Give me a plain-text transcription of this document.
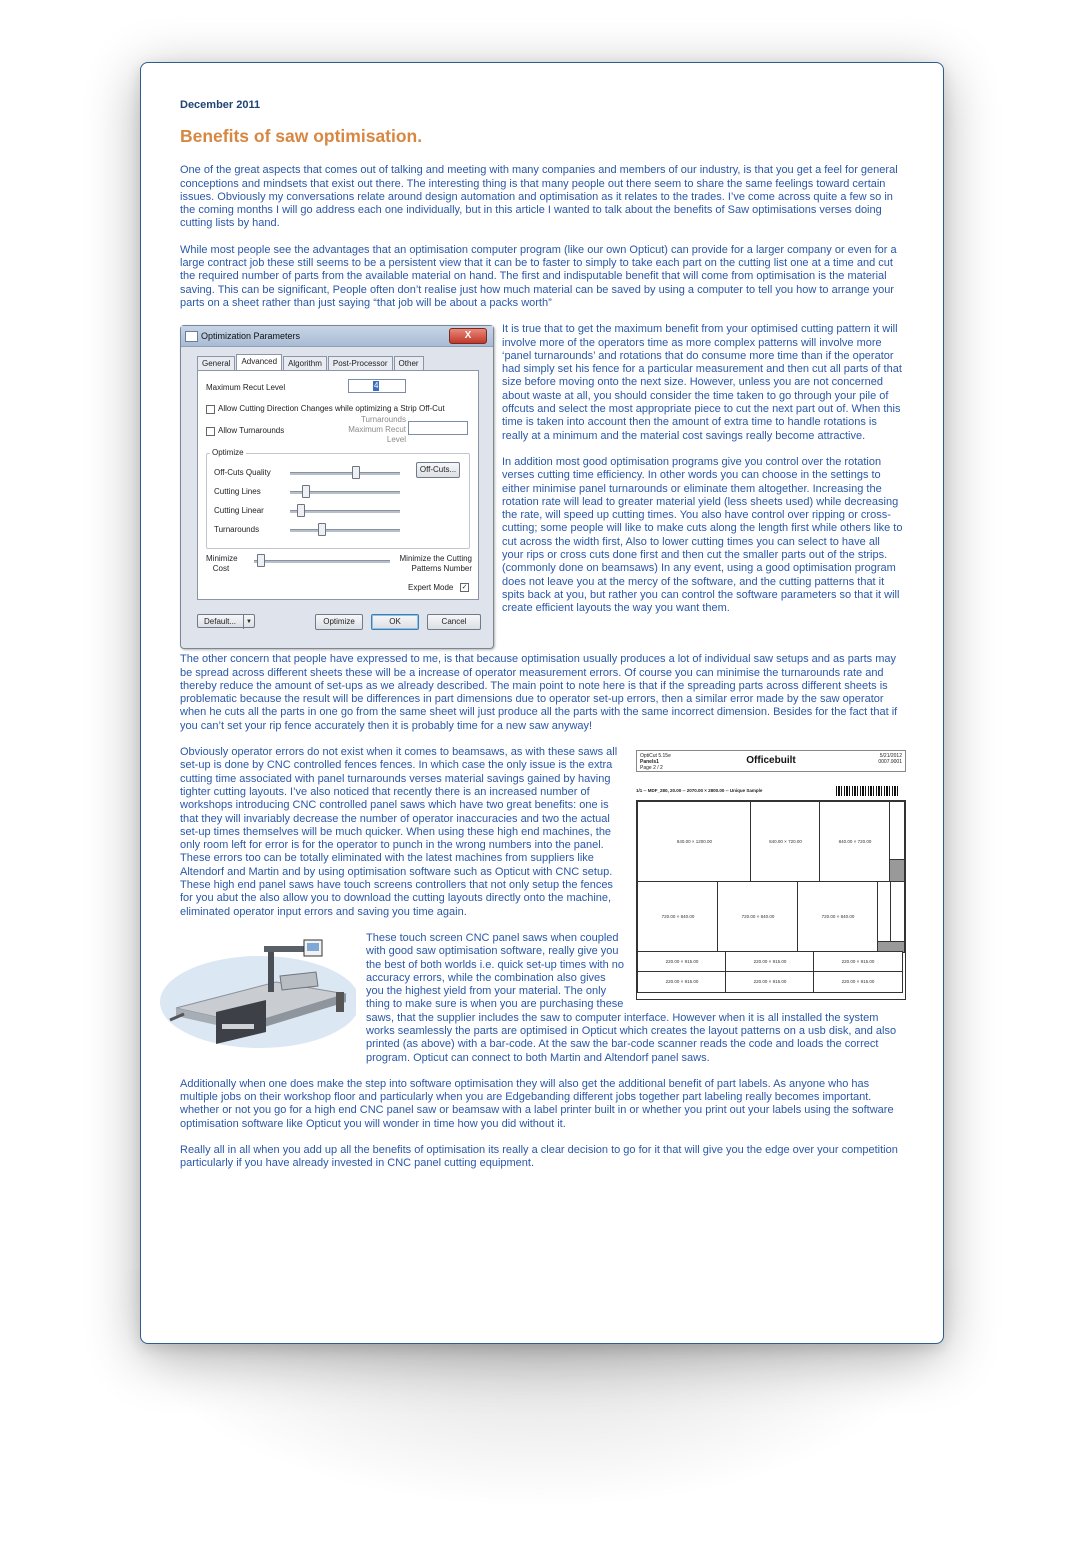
December 2011
Benefits of saw optimisation.

One of the great aspects that comes out of talking and meeting with many companies and members of our industry, is that you get a feel for general conceptions and mindsets that exist out there. The interesting thing is that many people out there seem to share the same feelings toward certain issues. Obviously my conversations relate around design automation and optimisation as it relates to the trades. I’ve come across quite a few so in the coming months I will go address each one individually, but in this article I wanted to talk about the benefits of Saw optimisations verses doing cutting lists by hand.

While most people see the advantages that an optimisation computer program (like our own Opticut) can provide for a larger company or even for a large contract job these still seems to be a persistent view that it can be to faster to simply to take each part on the cutting list one at a time and cut the required number of parts from the available material on hand. The first and indisputable benefit that will come from optimisation is the material saving. This can be significant, People often don’t realise just how much material can be saved by using a computer to tell you how to arrange your parts on a sheet rather than just saying “that job will be about a packs worth”

Optimization Parameters	X
General	Advanced	Algorithm	Post-Processor	Other
Maximum Recut Level	4
Allow Cutting Direction Changes while optimizing a Strip Off-Cut
Allow Turnarounds
Turnarounds Maximum Recut Level
Optimize
Off-Cuts Quality	Off-Cuts...
Cutting Lines
Cutting Linear
Turnarounds
Minimize Cost
Minimize the Cutting Patterns Number
Expert Mode ✓
Default...	▼	Optimize	OK	Cancel

It is true that to get the maximum benefit from your optimised cutting pattern it will involve more of the operators time as more complex patterns will involve more ‘panel turnarounds’ and rotations that do consume more time than if the operator had simply set his fence for a particular measurement and then cut all parts of that size before moving onto the next size. However, unless you are not concerned about waste at all, you should consider the time taken to go through your pile of offcuts and select the most appropriate piece to cut the next part out of. When this time is taken into account then the amount of extra time to handle rotations is really at a minimum and the material cost savings really become attractive.

In addition most good optimisation programs give you control over the rotation verses cutting time efficiency. In other words you can choose in the settings to either minimise panel turnarounds or eliminate them altogether. Increasing the rotation rate will lead to greater material yield (less sheets used) while decreasing the rate, will speed up cutting times. You also have control over ripping or cross-cutting; some people will like to make cuts along the length first while others like to cut across the width first, Also to lower cutting times you can select to have all your rips or cross cuts done first and then cut the smaller parts out of the strips. (commonly done on beamsaws) In any event, using a good optimisation program does not leave you at the mercy of the software, and the cutting patterns that it spits back at you, but rather you can control the software parameters so that it will create efficient layouts the way you want them.

The other concern that people have expressed to me, is that because optimisation usually produces a lot of individual saw setups and as parts may be spread across different sheets these will be a increase of operator measurement errors. Of course you can minimise the turnarounds rate and thereby reduce the amount of set-ups as we already described. The main point to note here is that if the spreading parts across different sheets is problematic because the result will be differences in part dimensions due to operator set-up errors, then a similar error made by the saw operator when he cuts all the parts in one go from the same sheet will just produce all the parts with the same incorrect dimension. Besides for the fact that if you can’t set your rip fence accurately then it is probably time for a new saw anyway!

OptiCut 5.15e
Panels1
Page 2 / 2
Officebuilt	5/21/2012
0007.9001
1/1 -- MDF_280, 20.00 -- 2070.00 × 2800.00 -- Unique Sample
840.00 × 1200.00	840.00 × 720.00	840.00 × 720.00
720.00 × 840.00	720.00 × 840.00	720.00 × 840.00
220.00 × 915.00	220.00 × 915.00	220.00 × 915.00
220.00 × 915.00	220.00 × 915.00	220.00 × 915.00

Obviously operator errors do not exist when it comes to beamsaws, as with these saws all set-up is done by CNC controlled fences fences. In which case the only issue is the extra cutting time associated with panel turnarounds verses material savings gained by having tighter cutting layouts. I’ve also noticed that recently there is an increased number of workshops introducing CNC controlled panel saws which have two great benefits: one is that they will invariably decrease the number of operator inaccuracies and two the actual set-up times themselves will be much quicker. When using these high end machines, the only room left for error is for the operator to punch in the wrong numbers into the panel. These errors too can be totally eliminated with the latest machines from suppliers like Altendorf and Martin and by using optimisation software such as Opticut with CNC setup. These high end panel saws have touch screens controllers that not only setup the fences for you abut the also allow you to download the cutting layouts directly onto the machine, eliminated operator input errors and saving you time again.

These touch screen CNC panel saws when coupled with good saw optimisation software, really give you the best of both worlds i.e. quick set-up times with no accuracy errors, while the combination also gives you the highest yield from your material. The only thing to make sure is when you are purchasing these saws, that the supplier includes the saw to computer interface. However when it is all installed the system works seamlessly the parts are optimised in Opticut which creates the layout patterns on a usb disk, and also printed (as above) with a bar-code. At the saw the bar-code scanner reads the code and loads the correct program. Opticut can connect to both Martin and Altendorf panel saws.

Additionally when one does make the step into software optimisation they will also get the additional benefit of part labels. As anyone who has multiple jobs on their workshop floor and particularly when you are Edgebanding different jobs together part labeling really becomes important. whether or not you go for a high end CNC panel saw or beamsaw with a label printer built in or whether you print out your labels using the software optimisation software like Opticut you will wonder in time how you did without it.

Really all in all when you add up all the benefits of optimisation its really a clear decision to go for it that will give you the edge over your competition particularly if you have already invested in CNC panel cutting equipment.
